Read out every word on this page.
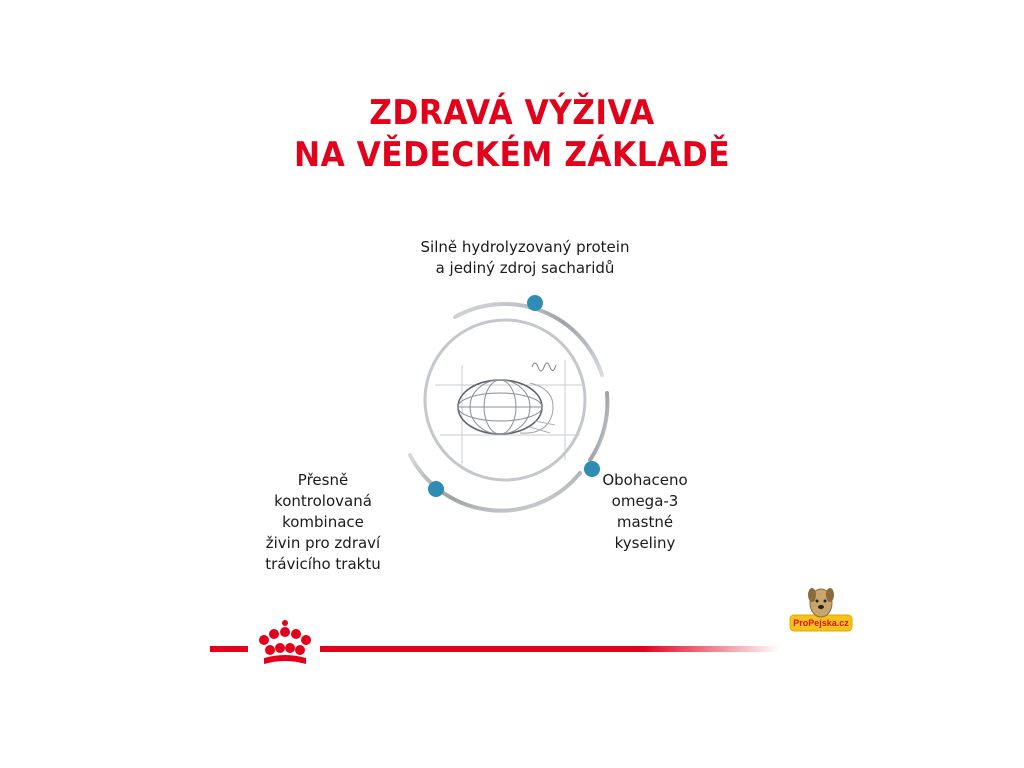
ZDRAVÁ VÝŽIVA
NA VĚDECKÉM ZÁKLADĚ
Silně hydrolyzovaný protein
a jediný zdroj sacharidů
Přesně
kontrolovaná
kombinace
živin pro zdraví
trávicího traktu
Obohaceno
omega-3
mastné
kyseliny
ProPejska.cz
